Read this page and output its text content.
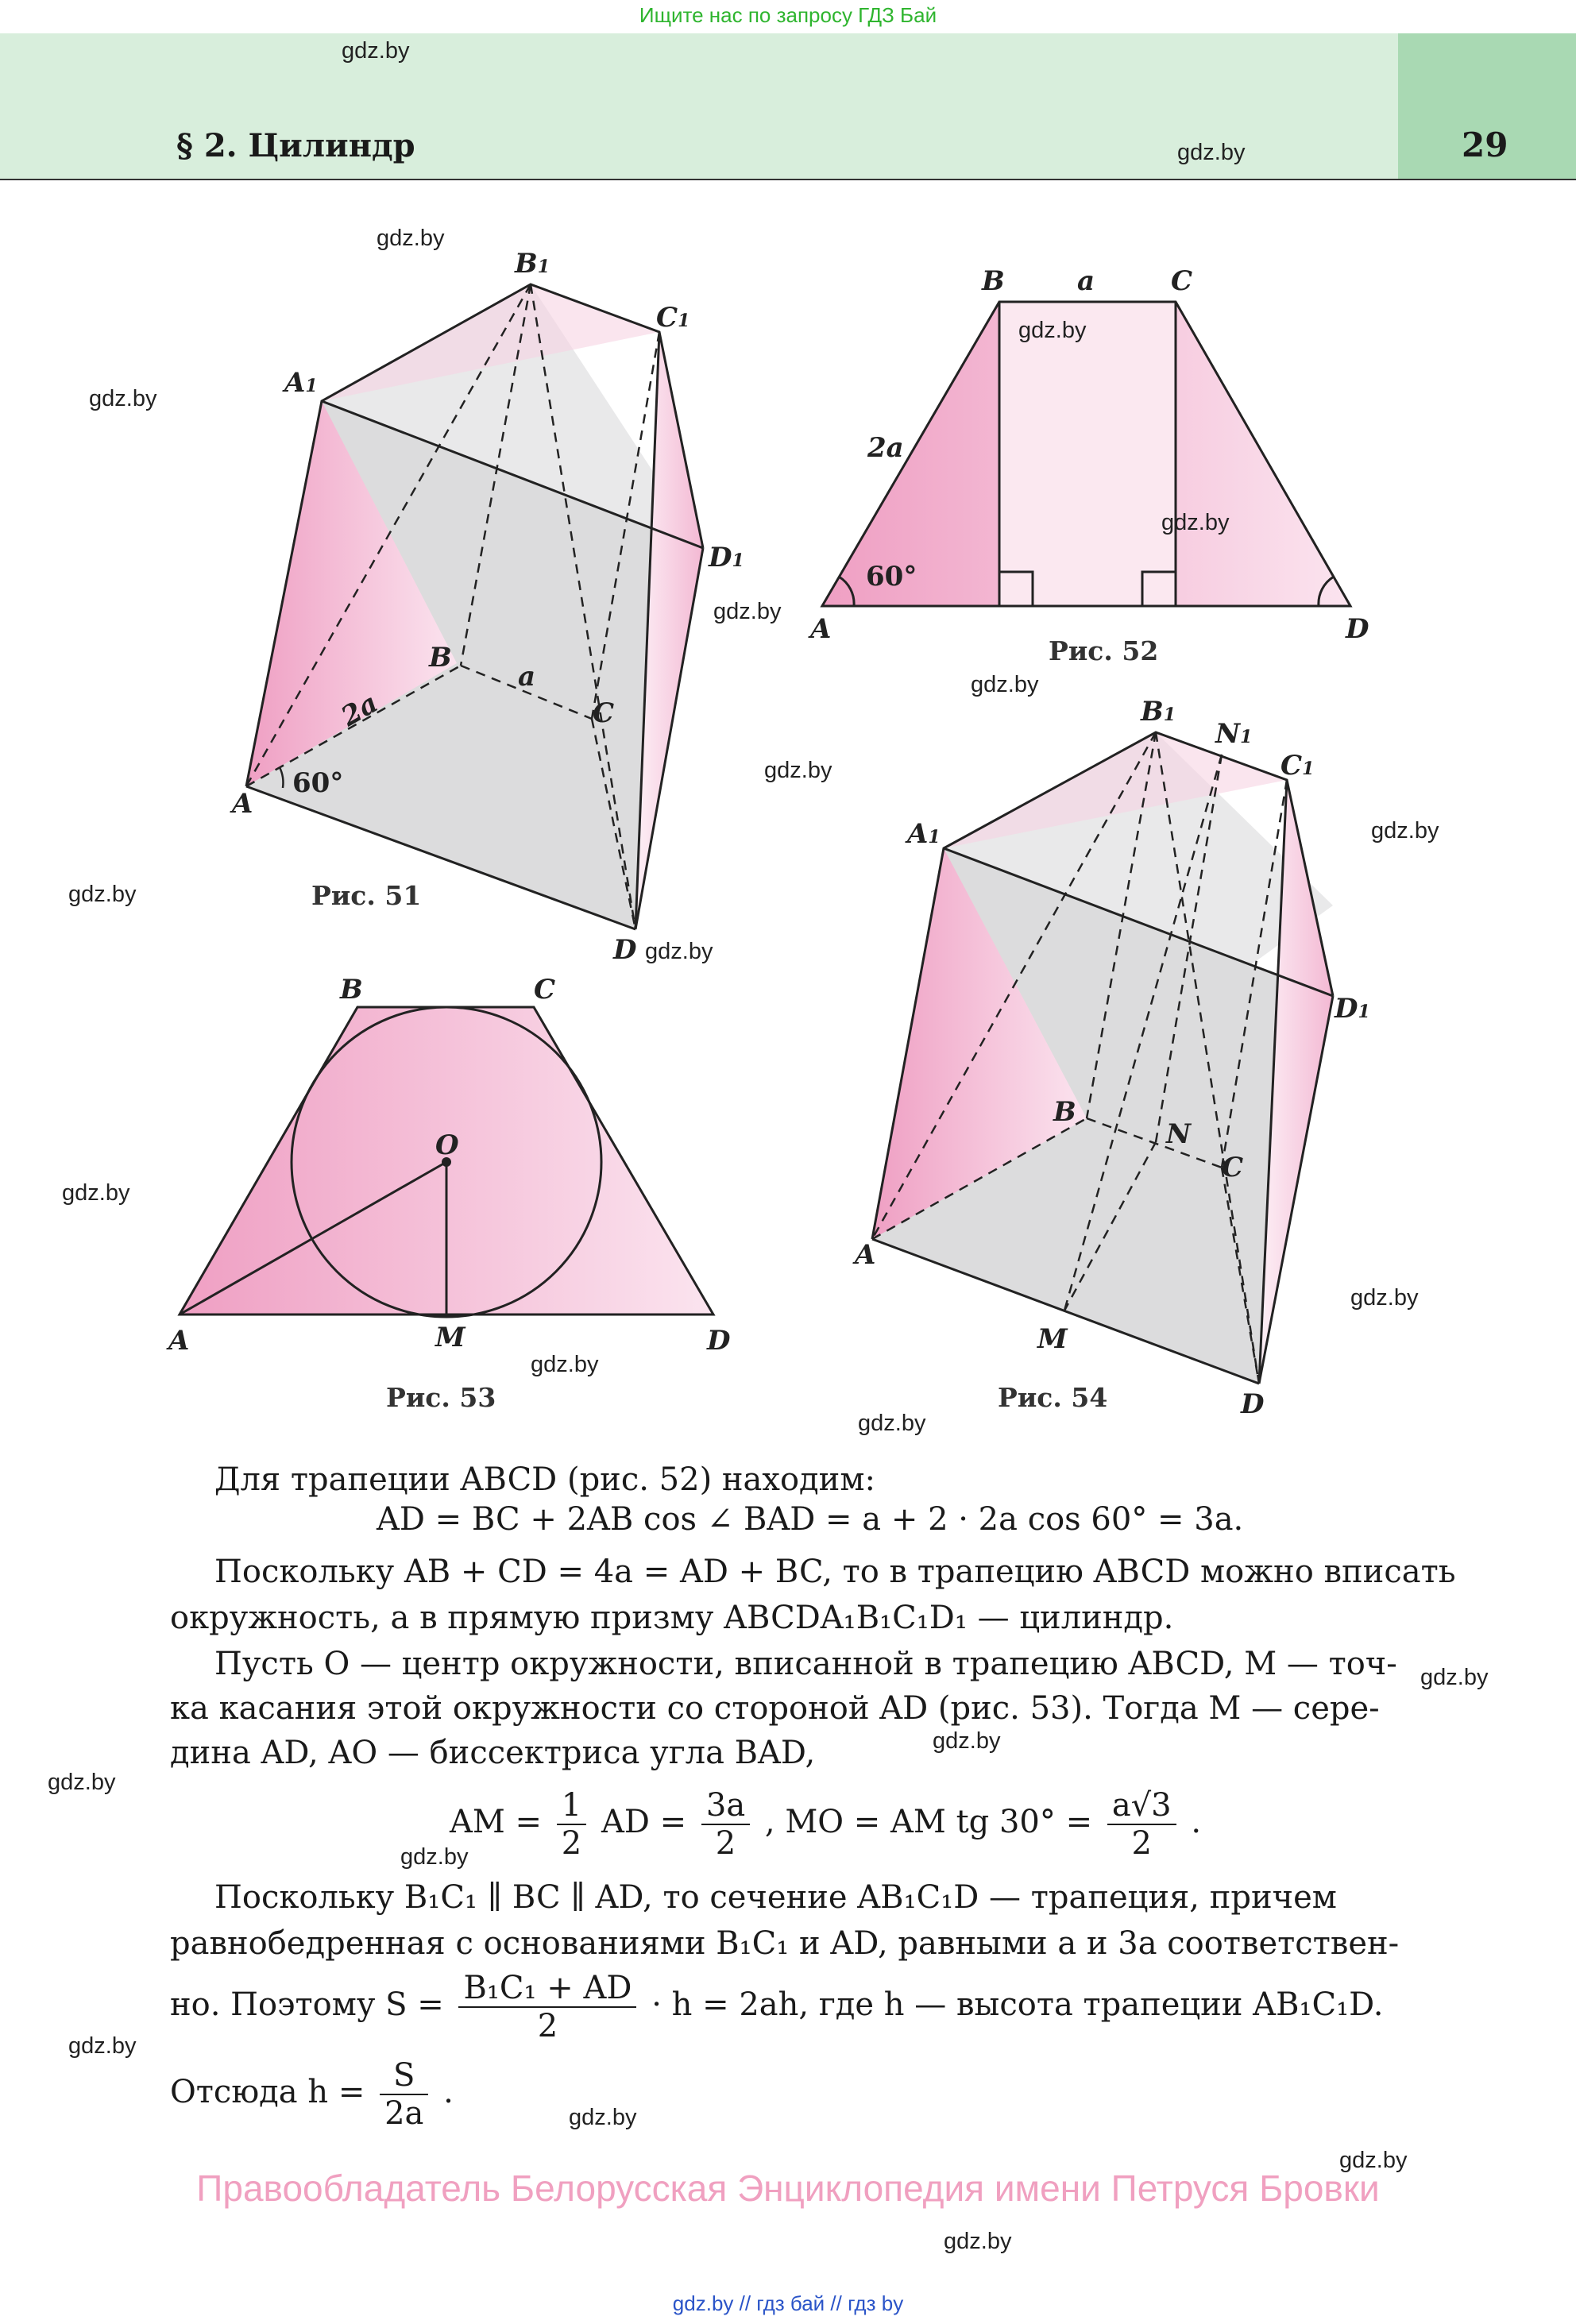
Ищите нас по запросу ГДЗ Бай
§ 2. Цилиндр	29
B1
C1
A1
D1
B
a
C
2a
A
60°
D
Рис. 51
B	a	C
2a
60°
A	D
Рис. 52
B	C
O
A	M	D
Рис. 53
B1
N1
C1
A1
D1
B
N
C
A
M
D
Рис. 54
gdz.by
gdz.by
gdz.by
gdz.by
gdz.by
gdz.by
gdz.by
gdz.by
gdz.by
gdz.by
gdz.by
gdz.by
gdz.by
gdz.by
gdz.by
gdz.by
gdz.by
gdz.by
gdz.by
gdz.by
gdz.by
gdz.by
gdz.by
gdz.by
Для трапеции ABCD (рис. 52) находим:
AD = BC + 2AB cos ∠ BAD = a + 2 · 2a cos 60° = 3a.
Поскольку AB + CD = 4a = AD + BC, то в трапецию ABCD можно вписать
окружность, а в прямую призму ABCDA₁B₁C₁D₁ — цилиндр.
Пусть O — центр окружности, вписанной в трапецию ABCD, M — точ-
ка касания этой окружности со стороной AD (рис. 53). Тогда M — сере-
дина AD, AO — биссектриса угла BAD,
AM = $\frac{1}{2}$ AD = $\frac{3a}{2}$ , MO = AM tg $30^\circ = \frac{a√3}{2}$ .
Поскольку B₁C₁ ∥ BC ∥ AD, то сечение AB₁C₁D — трапеция, причем
равнобедренная с основаниями B₁C₁ и AD, равными a и 3a соответствен-
но. Поэтому $S = \frac{\text{B₁C₁ + AD}}{2} \cdot h = 2ah$, где h — высота трапеции AB₁C₁D.
Отсюда $h = \frac{S}{2a}$ .
Правообладатель Белорусская Энциклопедия имени Петруся Бровки
gdz.by // гдз бай // гдз by
